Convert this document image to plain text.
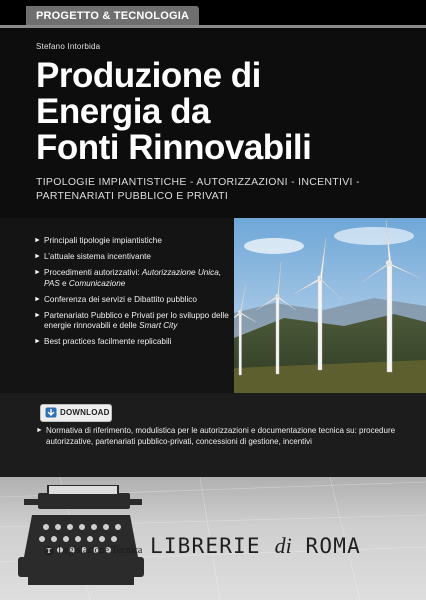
PROGETTO & TECNOLOGIA
Stefano Intorbida
Produzione di
Energia da
Fonti Rinnovabili
TIPOLOGIE IMPIANTISTICHE - AUTORIZZAZIONI - INCENTIVI -
PARTENARIATI PUBBLICO E PRIVATI
► Principali tipologie impiantistiche
► L’attuale sistema incentivante
► Procedimenti autorizzativi: Autorizzazione Unica, PAS e Comunicazione
► Conferenza dei servizi e Dibattito pubblico
► Partenariato Pubblico e Privati per lo sviluppo delle energie rinnovabili e delle Smart City
► Best practices facilmente replicabili
DOWNLOAD
► Normativa di riferimento, modulistica per le autorizzazioni e documentazione tecnica su: procedure autorizzative, partenariati pubblico-privati, concessioni di gestione, incentivi
T Legislazione Tecnica LIBRERIE di ROMA
